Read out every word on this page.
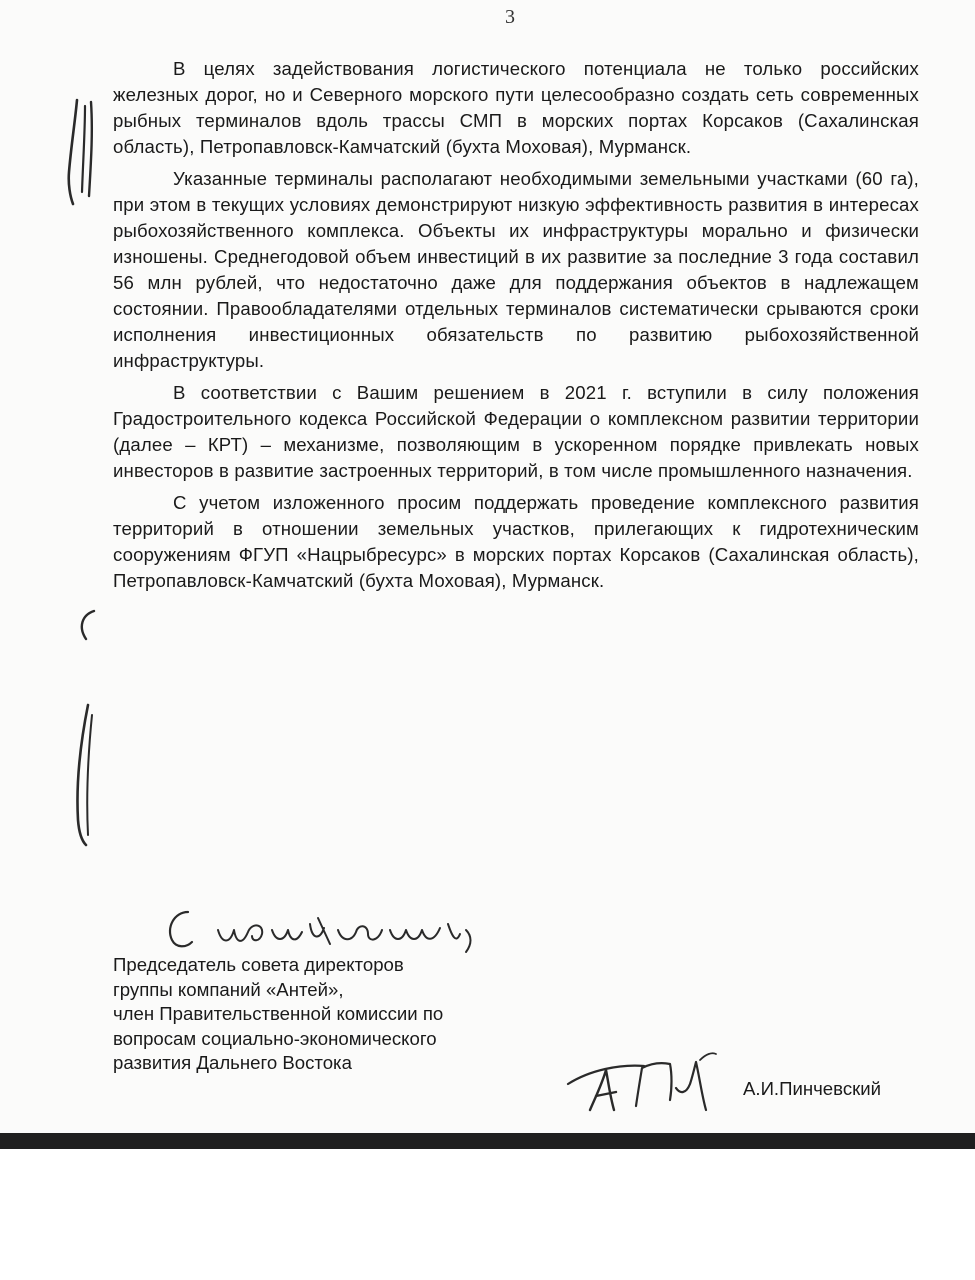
3

В целях задействования логистического потенциала не только российских железных дорог, но и Северного морского пути целесообразно создать сеть современных рыбных терминалов вдоль трассы СМП в морских портах Корсаков (Сахалинская область), Петропавловск-Камчатский (бухта Моховая), Мурманск.

Указанные терминалы располагают необходимыми земельными участками (60 га), при этом в текущих условиях демонстрируют низкую эффективность развития в интересах рыбохозяйственного комплекса. Объекты их инфраструктуры морально и физически изношены. Среднегодовой объем инвестиций в их развитие за последние 3 года составил 56 млн рублей, что недостаточно даже для поддержания объектов в надлежащем состоянии. Правообладателями отдельных терминалов систематически срываются сроки исполнения инвестиционных обязательств по развитию рыбохозяйственной инфраструктуры.

В соответствии с Вашим решением в 2021 г. вступили в силу положения Градостроительного кодекса Российской Федерации о комплексном развитии территории (далее – КРТ) – механизме, позволяющим в ускоренном порядке привлекать новых инвесторов в развитие застроенных территорий, в том числе промышленного назначения.

С учетом изложенного просим поддержать проведение комплексного развития территорий в отношении земельных участков, прилегающих к гидротехническим сооружениям ФГУП «Нацрыбресурс» в морских портах Корсаков (Сахалинская область), Петропавловск-Камчатский (бухта Моховая), Мурманск.

Председатель совета директоров
группы компаний «Антей»,
член Правительственной комиссии по
вопросам социально-экономического
развития Дальнего Востока
А.И.Пинчевский
